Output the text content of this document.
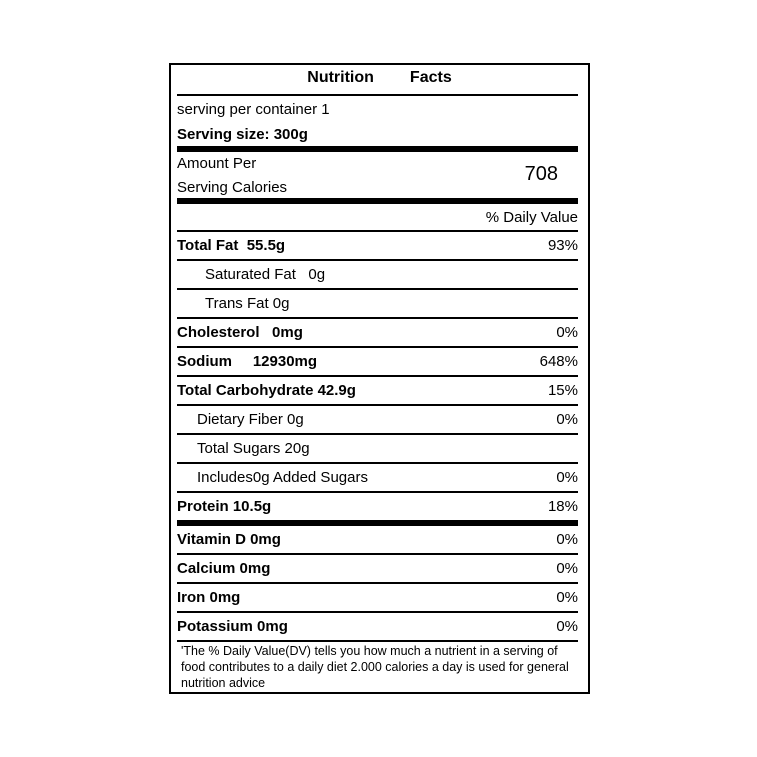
Nutrition Facts
serving per container 1
Serving size: 300g
Amount Per
Serving Calories
708
% Daily Value
Total Fat  55.5g	93%
Saturated Fat   0g
Trans Fat 0g
Cholesterol   0mg	0%
Sodium     12930mg	648%
Total Carbohydrate 42.9g	15%
Dietary Fiber 0g	0%
Total Sugars 20g
Includes0g Added Sugars	0%
Protein 10.5g	18%
Vitamin D 0mg	0%
Calcium 0mg	0%
Iron 0mg	0%
Potassium 0mg	0%
'The % Daily Value(DV) tells you how much a nutrient in a serving of food contributes to a daily diet 2.000 calories a day is used for general nutrition advice
